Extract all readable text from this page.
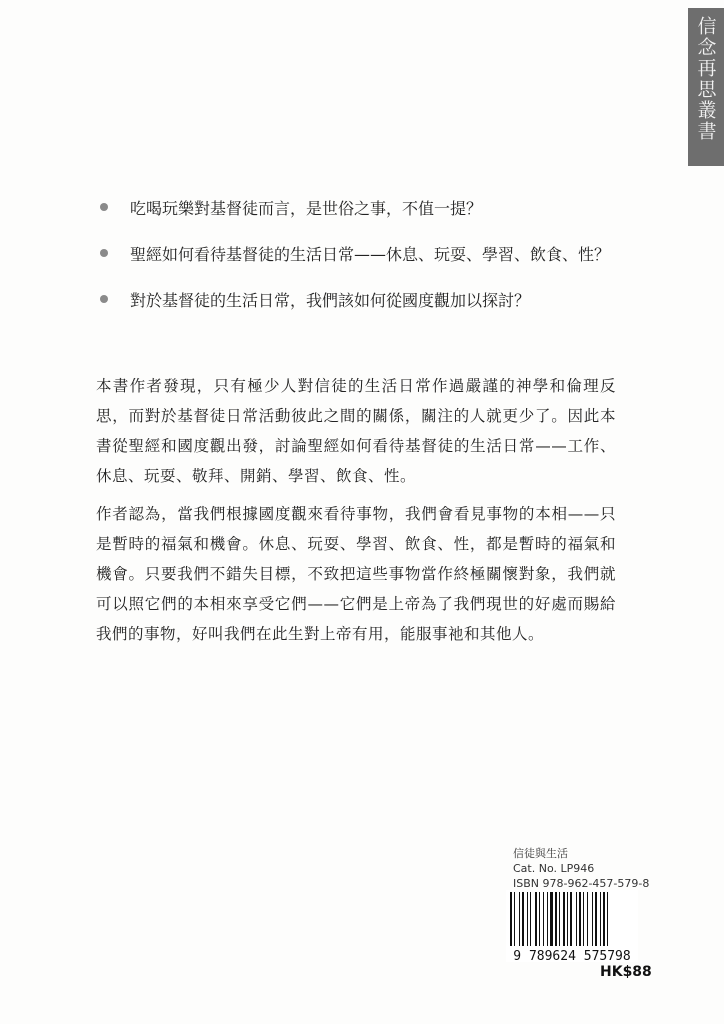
信念再思叢書
吃喝玩樂對基督徒而言，是世俗之事，不值一提？
聖經如何看待基督徒的生活日常——休息、玩耍、學習、飲食、性？
對於基督徒的生活日常，我們該如何從國度觀加以探討？

本書作者發現，只有極少人對信徒的生活日常作過嚴謹的神學和倫理反思，而對於基督徒日常活動彼此之間的關係，關注的人就更少了。因此本書從聖經和國度觀出發，討論聖經如何看待基督徒的生活日常——工作、休息、玩耍、敬拜、開銷、學習、飲食、性。

作者認為，當我們根據國度觀來看待事物，我們會看見事物的本相——只是暫時的福氣和機會。休息、玩耍、學習、飲食、性，都是暫時的福氣和機會。只要我們不錯失目標，不致把這些事物當作終極關懷對象，我們就可以照它們的本相來享受它們——它們是上帝為了我們現世的好處而賜給我們的事物，好叫我們在此生對上帝有用，能服事祂和其他人。

信徒與生活
Cat. No. LP946
ISBN 978-962-457-579-8
9 789624 575798
HK$88
